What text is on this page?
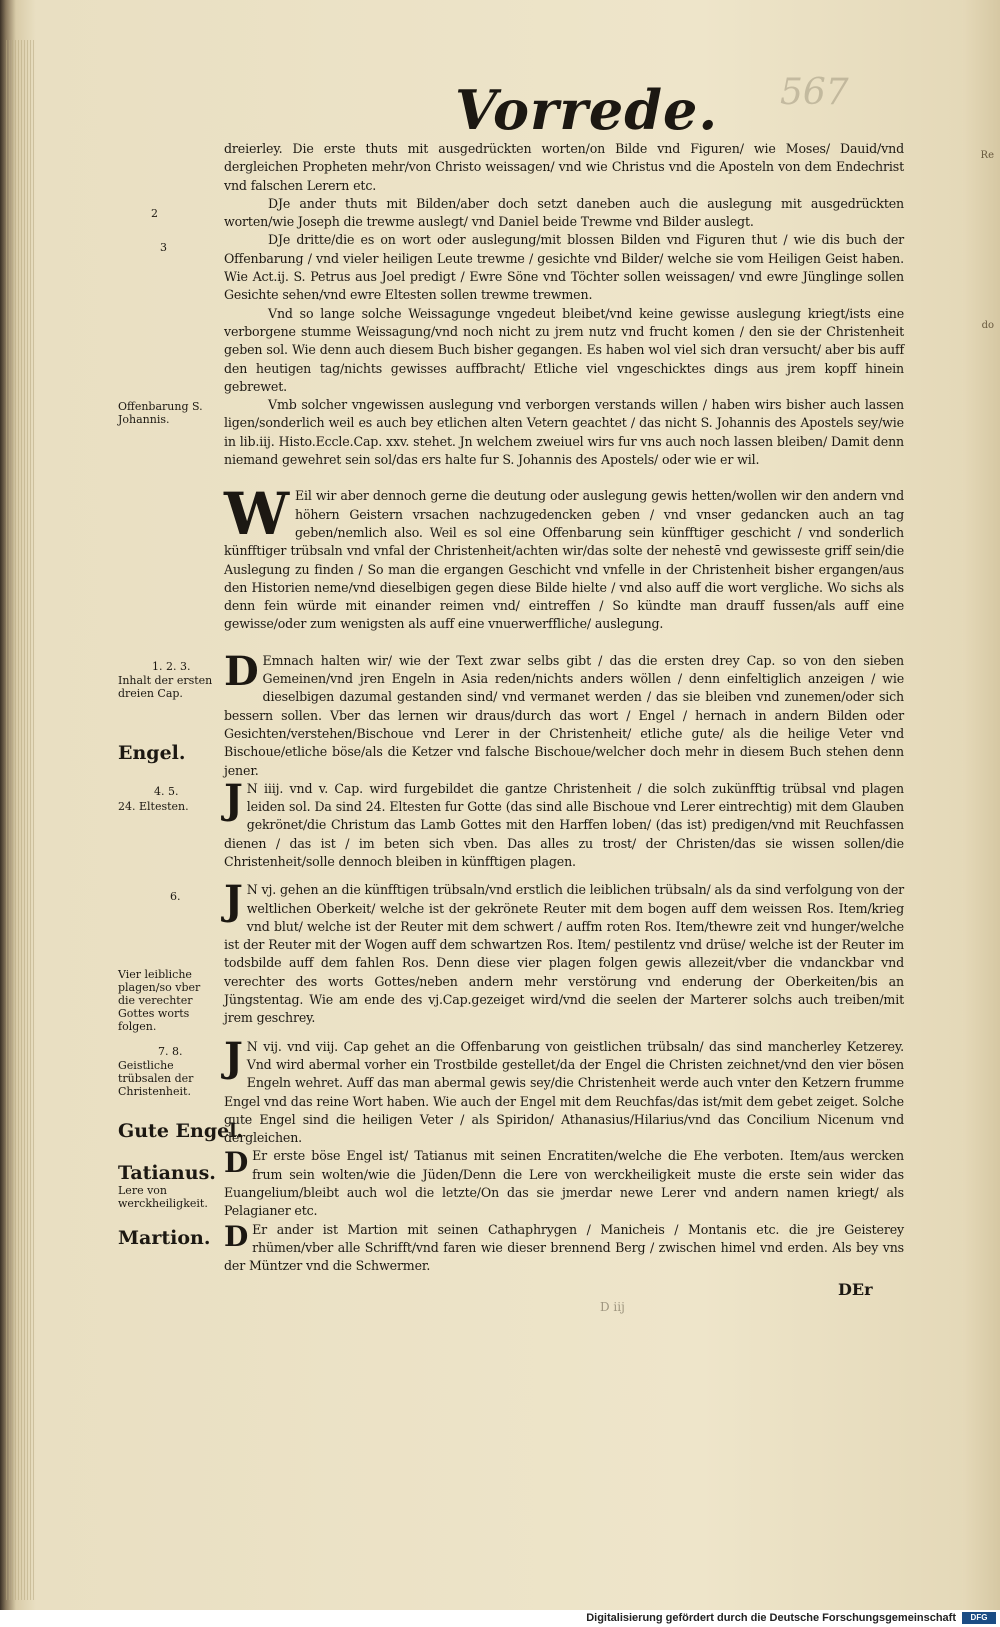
567
Vorrede.

dreierley. Die erste thuts mit ausgedrückten worten/on Bilde vnd Figuren/ wie Moses/ Dauid/vnd dergleichen Propheten mehr/von Christo weissagen/ vnd wie Christus vnd die Aposteln von dem Endechrist vnd falschen Lerern etc.

DJe ander thuts mit Bilden/aber doch setzt daneben auch die auslegung mit ausgedrückten worten/wie Joseph die trewme auslegt/ vnd Daniel beide Trewme vnd Bilder auslegt.

DJe dritte/die es on wort oder auslegung/mit blossen Bilden vnd Figuren thut / wie dis buch der Offenbarung / vnd vieler heiligen Leute trewme / gesichte vnd Bilder/ welche sie vom Heiligen Geist haben. Wie Act.ij. S. Petrus aus Joel predigt / Ewre Söne vnd Töchter sollen weissagen/ vnd ewre Jünglinge sollen Gesichte sehen/vnd ewre Eltesten sollen trewme trewmen.

Vnd so lange solche Weissagunge vngedeut bleibet/vnd keine gewisse auslegung kriegt/ists eine verborgene stumme Weissagung/vnd noch nicht zu jrem nutz vnd frucht komen / den sie der Christenheit geben sol. Wie denn auch diesem Buch bisher gegangen. Es haben wol viel sich dran versucht/ aber bis auff den heutigen tag/nichts gewisses auffbracht/ Etliche viel vngeschicktes dings aus jrem kopff hinein gebrewet.

Vmb solcher vngewissen auslegung vnd verborgen verstands willen / haben wirs bisher auch lassen ligen/sonderlich weil es auch bey etlichen alten Vetern geachtet / das nicht S. Johannis des Apostels sey/wie in lib.iij. Histo.Eccle.Cap. xxv. stehet. Jn welchem zweiuel wirs fur vns auch noch lassen bleiben/ Damit denn niemand gewehret sein sol/das ers halte fur S. Johannis des Apostels/ oder wie er wil.

W Eil wir aber dennoch gerne die deutung oder auslegung gewis hetten/wollen wir den andern vnd höhern Geistern vrsachen nachzugedencken geben / vnd vnser gedancken auch an tag geben/nemlich also. Weil es sol eine Offenbarung sein künfftiger geschicht / vnd sonderlich künfftiger trübsaln vnd vnfal der Christenheit/achten wir/das solte der nehestē vnd gewisseste griff sein/die Auslegung zu finden / So man die ergangen Geschicht vnd vnfelle in der Christenheit bisher ergangen/aus den Historien neme/vnd dieselbigen gegen diese Bilde hielte / vnd also auff die wort vergliche. Wo sichs als denn fein würde mit einander reimen vnd/ eintreffen / So kündte man drauff fussen/als auff eine gewisse/oder zum wenigsten als auff eine vnuerwerffliche/ auslegung.

D Emnach halten wir/ wie der Text zwar selbs gibt / das die ersten drey Cap. so von den sieben Gemeinen/vnd jren Engeln in Asia reden/nichts anders wöllen / denn einfeltiglich anzeigen / wie dieselbigen dazumal gestanden sind/ vnd vermanet werden / das sie bleiben vnd zunemen/oder sich bessern sollen. Vber das lernen wir draus/durch das wort / Engel / hernach in andern Bilden oder Gesichten/verstehen/Bischoue vnd Lerer in der Christenheit/ etliche gute/ als die heilige Veter vnd Bischoue/etliche böse/als die Ketzer vnd falsche Bischoue/welcher doch mehr in diesem Buch stehen denn jener.

J N iiij. vnd v. Cap. wird furgebildet die gantze Christenheit / die solch zukünfftig trübsal vnd plagen leiden sol. Da sind 24. Eltesten fur Gotte (das sind alle Bischoue vnd Lerer eintrechtig) mit dem Glauben gekrönet/die Christum das Lamb Gottes mit den Harffen loben/ (das ist) predigen/vnd mit Reuchfassen dienen / das ist / im beten sich vben. Das alles zu trost/ der Christen/das sie wissen sollen/die Christenheit/solle dennoch bleiben in künfftigen plagen.

J N vj. gehen an die künfftigen trübsaln/vnd erstlich die leiblichen trübsaln/ als da sind verfolgung von der weltlichen Oberkeit/ welche ist der gekrönete Reuter mit dem bogen auff dem weissen Ros. Item/krieg vnd blut/ welche ist der Reuter mit dem schwert / auffm roten Ros. Item/thewre zeit vnd hunger/welche ist der Reuter mit der Wogen auff dem schwartzen Ros. Item/ pestilentz vnd drüse/ welche ist der Reuter im todsbilde auff dem fahlen Ros. Denn diese vier plagen folgen gewis allezeit/vber die vndanckbar vnd verechter des worts Gottes/neben andern mehr verstörung vnd enderung der Oberkeiten/bis an Jüngstentag. Wie am ende des vj.Cap.gezeiget wird/vnd die seelen der Marterer solchs auch treiben/mit jrem geschrey.

J N vij. vnd viij. Cap gehet an die Offenbarung von geistlichen trübsaln/ das sind mancherley Ketzerey. Vnd wird abermal vorher ein Trostbilde gestellet/da der Engel die Christen zeichnet/vnd den vier bösen Engeln wehret. Auff das man abermal gewis sey/die Christenheit werde auch vnter den Ketzern frumme Engel vnd das reine Wort haben. Wie auch der Engel mit dem Reuchfas/das ist/mit dem gebet zeiget. Solche gute Engel sind die heiligen Veter / als Spiridon/ Athanasius/Hilarius/vnd das Concilium Nicenum vnd dergleichen.

D Er erste böse Engel ist/ Tatianus mit seinen Encratiten/welche die Ehe verboten. Item/aus wercken frum sein wolten/wie die Jüden/Denn die Lere von werckheiligkeit muste die erste sein wider das Euangelium/bleibt auch wol die letzte/On das sie jmerdar newe Lerer vnd andern namen kriegt/ als Pelagianer etc.

D Er ander ist Martion mit seinen Cathaphrygen / Manicheis / Montanis etc. die jre Geisterey rhümen/vber alle Schrifft/vnd faren wie dieser brennend Berg / zwischen himel vnd erden. Als bey vns der Müntzer vnd die Schwermer.

2
3
Offenbarung S. Johannis.
1. 2. 3.
Inhalt der ersten dreien Cap.
Engel.
4. 5.
24. Eltesten.
6.
Vier leibliche plagen/so vber die verechter Gottes worts folgen.
7. 8.
Geistliche trübsalen der Christenheit.
Gute Engel.
Tatianus.
Lere von werckheiligkeit.
Martion.
DEr
D iij
Re
do
Digitalisierung gefördert durch die Deutsche Forschungsgemeinschaft	DFG
